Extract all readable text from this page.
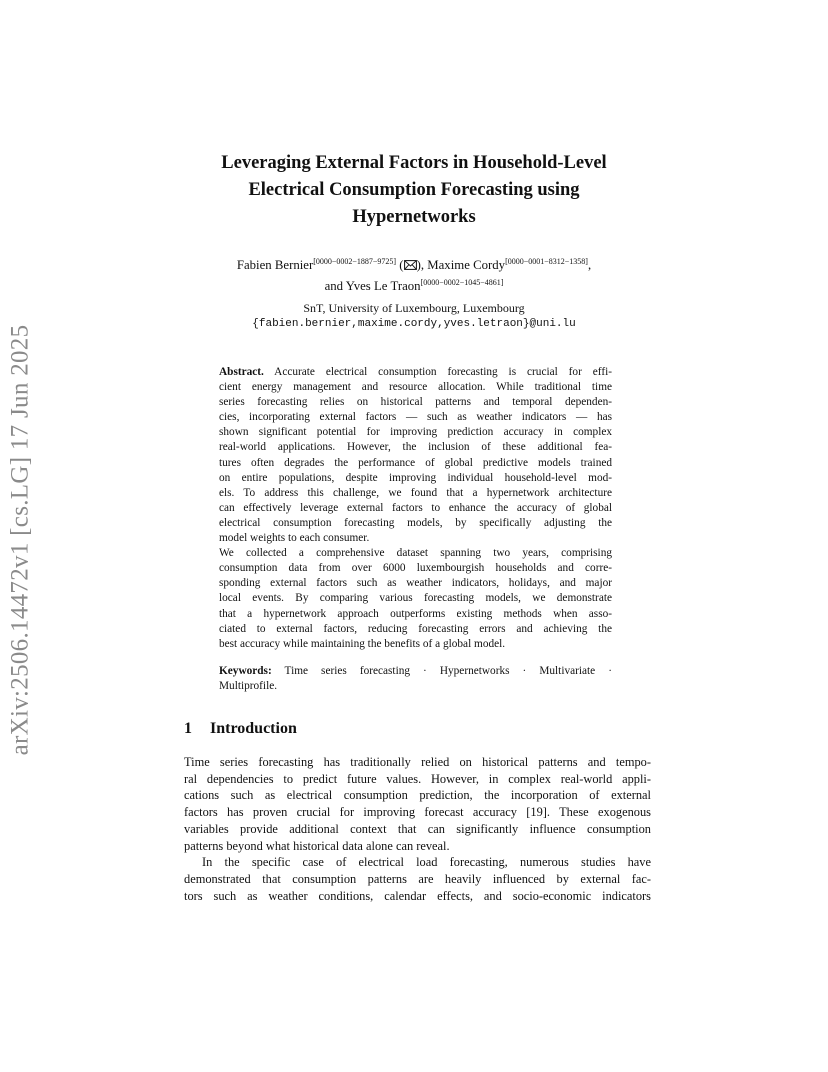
arXiv:2506.14472v1 [cs.LG] 17 Jun 2025
Leveraging External Factors in Household-Level
Electrical Consumption Forecasting using
Hypernetworks
Fabien Bernier[0000−0002−1887−9725] ( ), Maxime Cordy[0000−0001−8312−1358],
and Yves Le Traon[0000−0002−1045−4861]
SnT, University of Luxembourg, Luxembourg
{fabien.bernier,maxime.cordy,yves.letraon}@uni.lu

Abstract. Accurate electrical consumption forecasting is crucial for effi-
cient energy management and resource allocation. While traditional time
series forecasting relies on historical patterns and temporal dependen-
cies, incorporating external factors — such as weather indicators — has
shown significant potential for improving prediction accuracy in complex
real-world applications. However, the inclusion of these additional fea-
tures often degrades the performance of global predictive models trained
on entire populations, despite improving individual household-level mod-
els. To address this challenge, we found that a hypernetwork architecture
can effectively leverage external factors to enhance the accuracy of global
electrical consumption forecasting models, by specifically adjusting the
model weights to each consumer.

We collected a comprehensive dataset spanning two years, comprising
consumption data from over 6000 luxembourgish households and corre-
sponding external factors such as weather indicators, holidays, and major
local events. By comparing various forecasting models, we demonstrate
that a hypernetwork approach outperforms existing methods when asso-
ciated to external factors, reducing forecasting errors and achieving the
best accuracy while maintaining the benefits of a global model.

Keywords: Time series forecasting · Hypernetworks · Multivariate ·
Multiprofile.

1 Introduction

Time series forecasting has traditionally relied on historical patterns and tempo-
ral dependencies to predict future values. However, in complex real-world appli-
cations such as electrical consumption prediction, the incorporation of external
factors has proven crucial for improving forecast accuracy [19]. These exogenous
variables provide additional context that can significantly influence consumption
patterns beyond what historical data alone can reveal.

In the specific case of electrical load forecasting, numerous studies have
demonstrated that consumption patterns are heavily influenced by external fac-
tors such as weather conditions, calendar effects, and socio-economic indicators
